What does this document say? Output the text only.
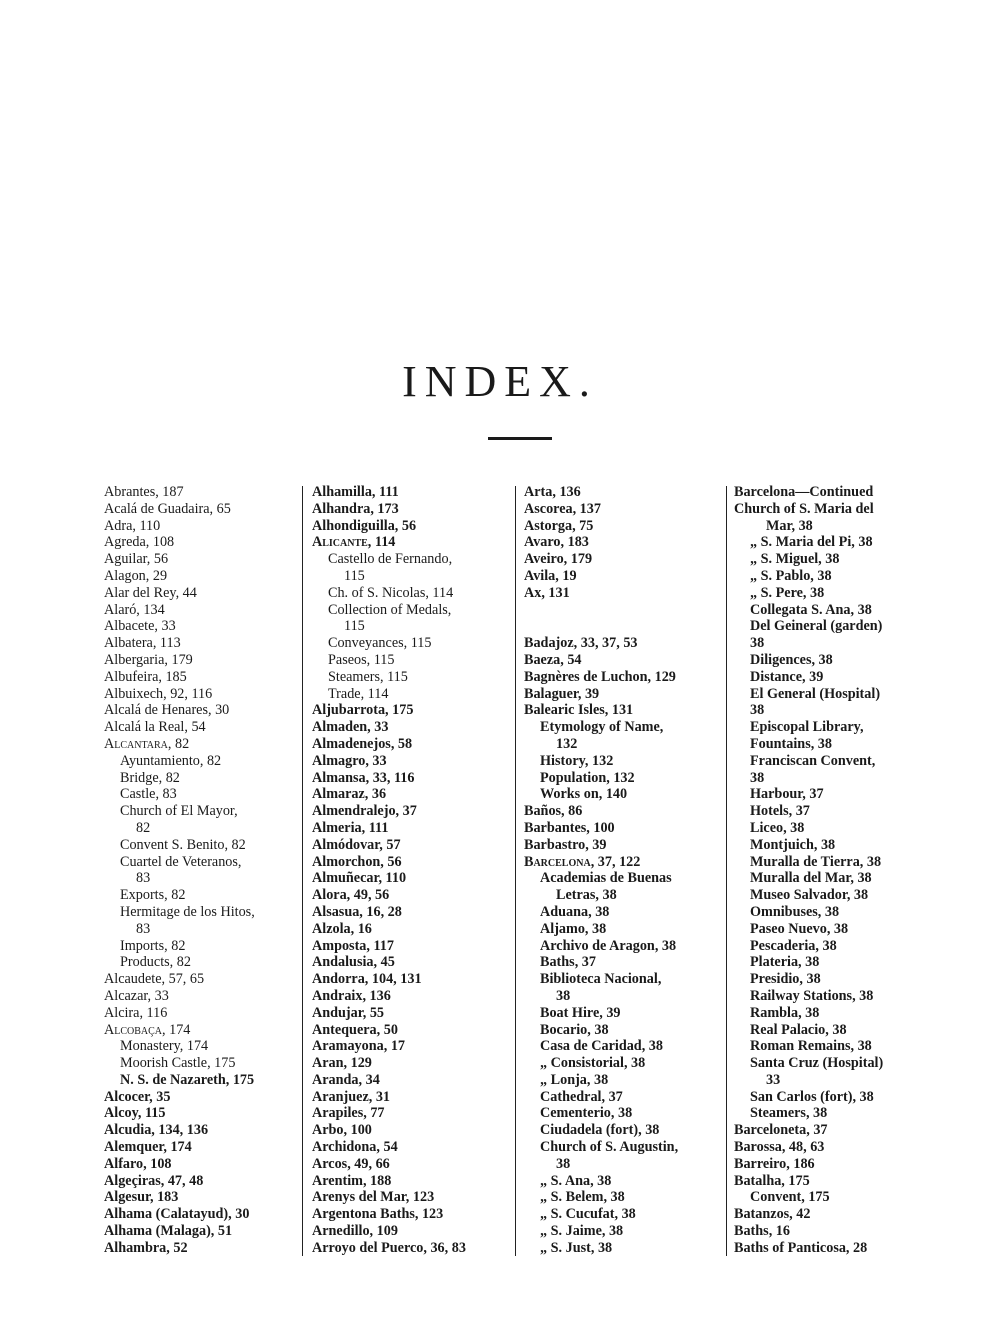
INDEX.
Abrantes, 187
Acalá de Guadaira, 65
Adra, 110
Agreda, 108
Aguilar, 56
Alagon, 29
Alar del Rey, 44
Alaró, 134
Albacete, 33
Albatera, 113
Albergaria, 179
Albufeira, 185
Albuixech, 92, 116
Alcalá de Henares, 30
Alcalá la Real, 54
Alcantara, 82
Ayuntamiento, 82
Bridge, 82
Castle, 83
Church of El Mayor,
82
Convent S. Benito, 82
Cuartel de Veteranos,
83
Exports, 82
Hermitage de los Hitos,
83
Imports, 82
Products, 82
Alcaudete, 57, 65
Alcazar, 33
Alcira, 116
Alcobaça, 174
Monastery, 174
Moorish Castle, 175
N. S. de Nazareth, 175
Alcocer, 35
Alcoy, 115
Alcudia, 134, 136
Alemquer, 174
Alfaro, 108
Algeçiras, 47, 48
Algesur, 183
Alhama (Calatayud), 30
Alhama (Malaga), 51
Alhambra, 52
Alhamilla, 111
Alhandra, 173
Alhondiguilla, 56
Alicante, 114
Castello de Fernando,
115
Ch. of S. Nicolas, 114
Collection of Medals,
115
Conveyances, 115
Paseos, 115
Steamers, 115
Trade, 114
Aljubarrota, 175
Almaden, 33
Almadenejos, 58
Almagro, 33
Almansa, 33, 116
Almaraz, 36
Almendralejo, 37
Almeria, 111
Almódovar, 57
Almorchon, 56
Almuñecar, 110
Alora, 49, 56
Alsasua, 16, 28
Alzola, 16
Amposta, 117
Andalusia, 45
Andorra, 104, 131
Andraix, 136
Andujar, 55
Antequera, 50
Aramayona, 17
Aran, 129
Aranda, 34
Aranjuez, 31
Arapiles, 77
Arbo, 100
Archidona, 54
Arcos, 49, 66
Arentim, 188
Arenys del Mar, 123
Argentona Baths, 123
Arnedillo, 109
Arroyo del Puerco, 36, 83
Arta, 136
Ascorea, 137
Astorga, 75
Avaro, 183
Aveiro, 179
Avila, 19
Ax, 131
Badajoz, 33, 37, 53
Baeza, 54
Bagnères de Luchon, 129
Balaguer, 39
Balearic Isles, 131
Etymology of Name,
132
History, 132
Population, 132
Works on, 140
Baños, 86
Barbantes, 100
Barbastro, 39
Barcelona, 37, 122
Academias de Buenas
Letras, 38
Aduana, 38
Aljamo, 38
Archivo de Aragon, 38
Baths, 37
Biblioteca Nacional,
38
Boat Hire, 39
Bocario, 38
Casa de Caridad, 38
„ Consistorial, 38
„ Lonja, 38
Cathedral, 37
Cementerio, 38
Ciudadela (fort), 38
Church of S. Augustin,
38
„ S. Ana, 38
„ S. Belem, 38
„ S. Cucufat, 38
„ S. Jaime, 38
„ S. Just, 38
Barcelona—Continued
Church of S. Maria del
Mar, 38
„ S. Maria del Pi, 38
„ S. Miguel, 38
„ S. Pablo, 38
„ S. Pere, 38
Collegata S. Ana, 38
Del Geineral (garden)
38
Diligences, 38
Distance, 39
El General (Hospital)
38
Episcopal Library,
Fountains, 38
Franciscan Convent,
38
Harbour, 37
Hotels, 37
Liceo, 38
Montjuich, 38
Muralla de Tierra, 38
Muralla del Mar, 38
Museo Salvador, 38
Omnibuses, 38
Paseo Nuevo, 38
Pescaderia, 38
Plateria, 38
Presidio, 38
Railway Stations, 38
Rambla, 38
Real Palacio, 38
Roman Remains, 38
Santa Cruz (Hospital)
33
San Carlos (fort), 38
Steamers, 38
Barceloneta, 37
Barossa, 48, 63
Barreiro, 186
Batalha, 175
Convent, 175
Batanzos, 42
Baths, 16
Baths of Panticosa, 28
